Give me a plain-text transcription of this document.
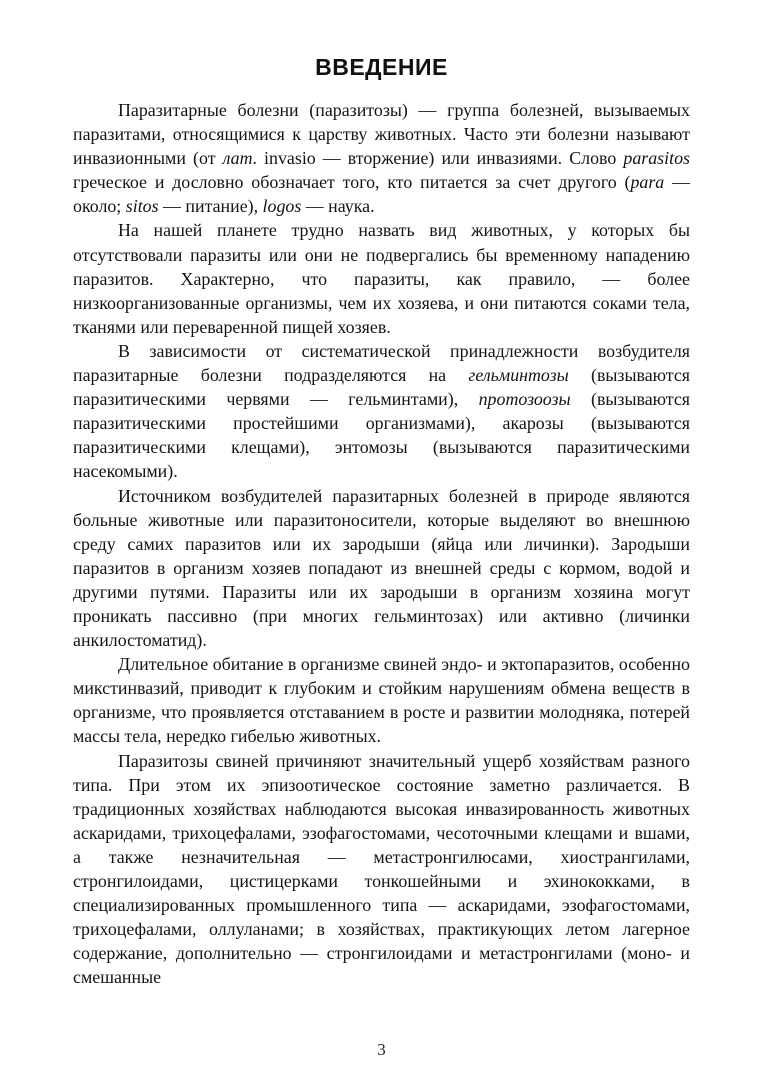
ВВЕДЕНИЕ

Паразитарные болезни (паразитозы) — группа болезней, вызываемых паразитами, относящимися к царству животных. Часто эти болезни называют инвазионными (от лат. invasio — вторжение) или инвазиями. Слово parasitos греческое и дословно обозначает того, кто питается за счет другого (para — около; sitos — питание), logos — наука.

На нашей планете трудно назвать вид животных, у которых бы отсутствовали паразиты или они не подвергались бы временному нападению паразитов. Характерно, что паразиты, как правило, — более низкоорганизованные организмы, чем их хозяева, и они питаются соками тела, тканями или переваренной пищей хозяев.

В зависимости от систематической принадлежности возбудителя паразитарные болезни подразделяются на гельминтозы (вызываются паразитическими червями — гельминтами), протозоозы (вызываются паразитическими простейшими организмами), акарозы (вызываются паразитическими клещами), энтомозы (вызываются паразитическими насекомыми).

Источником возбудителей паразитарных болезней в природе являются больные животные или паразитоносители, которые выделяют во внешнюю среду самих паразитов или их зародыши (яйца или личинки). Зародыши паразитов в организм хозяев попадают из внешней среды с кормом, водой и другими путями. Паразиты или их зародыши в организм хозяина могут проникать пассивно (при многих гельминтозах) или активно (личинки анкилостоматид).

Длительное обитание в организме свиней эндо- и эктопаразитов, особенно микстинвазий, приводит к глубоким и стойким нарушениям обмена веществ в организме, что проявляется отставанием в росте и развитии молодняка, потерей массы тела, нередко гибелью животных.

Паразитозы свиней причиняют значительный ущерб хозяйствам разного типа. При этом их эпизоотическое состояние заметно различается. В традиционных хозяйствах наблюдаются высокая инвазированность животных аскаридами, трихоцефалами, эзофагостомами, чесоточными клещами и вшами, а также незначительная — метастронгилюсами, хиострангилами, стронгилоидами, цистицерками тонкошейными и эхинококками, в специализированных промышленного типа — аскаридами, эзофагостомами, трихоцефалами, оллуланами; в хозяйствах, практикующих летом лагерное содержание, дополнительно — стронгилоидами и метастронгилами (моно- и смешанные

3
